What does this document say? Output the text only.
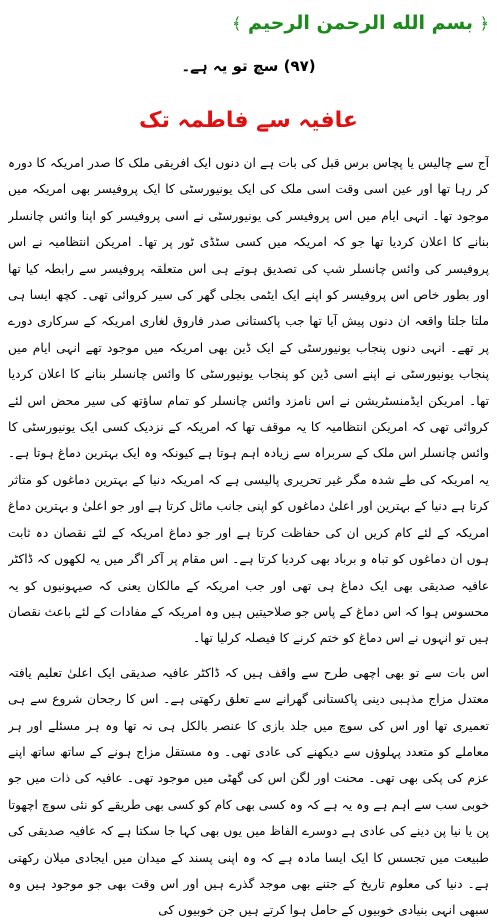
﴿ بسم الله الرحمن الرحيم ﴾
(٩٧) سچ تو یہ ہے۔
عافیہ سے فاطمہ تک

آج سے چالیس یا پچاس برس قبل کی بات ہے ان دنوں ایک افریقی ملک کا صدر امریکہ کا دورہ کر رہا تھا اور عین اسی وقت اسی ملک کی ایک یونیورسٹی کا ایک پروفیسر بھی امریکہ میں موجود تھا۔ انہی ایام میں اس پروفیسر کی یونیورسٹی نے اسی پروفیسر کو اپنا وائس چانسلر بنانے کا اعلان کردیا تھا جو کہ امریکہ میں کسی سٹڈی ٹور پر تھا۔ امریکن انتظامیہ نے اس پروفیسر کی وائس چانسلر شپ کی تصدیق ہوتے ہی اس متعلقہ پروفیسر سے رابطہ کیا تھا اور بطور خاص اس پروفیسر کو اپنے ایک ایٹمی بجلی گھر کی سیر کروائی تھی۔ کچھ ایسا ہی ملتا جلتا واقعہ ان دنوں پیش آیا تھا جب پاکستانی صدر فاروق لغاری امریکہ کے سرکاری دورے پر تھے۔ انہی دنوں پنجاب یونیورسٹی کے ایک ڈین بھی امریکہ میں موجود تھے انہی ایام میں پنجاب یونیورسٹی نے اپنے اسی ڈین کو پنجاب یونیورسٹی کا وائس چانسلر بنانے کا اعلان کردیا تھا۔ امریکن ایڈمنسٹریشن نے اس نامزد وائس چانسلر کو تمام ساؤتھ کی سیر محض اس لئے کروائی تھی کہ امریکن انتظامیہ کا یہ موقف تھا کہ امریکہ کے نزدیک کسی ایک یونیورسٹی کا وائس چانسلر اس ملک کے سربراہ سے زیادہ اہم ہوتا ہے کیونکہ وہ ایک بہترین دماغ ہوتا ہے۔ یہ امریکہ کی طے شدہ مگر غیر تحریری پالیسی ہے کہ امریکہ دنیا کے بہترین دماغوں کو متاثر کرتا ہے دنیا کے بہترین اور اعلیٰ دماغوں کو اپنی جانب مائل کرتا ہے اور جو اعلیٰ و بہترین دماغ امریکہ کے لئے کام کریں ان کی حفاظت کرتا ہے اور جو دماغ امریکہ کے لئے نقصان دہ ثابت ہوں ان دماغوں کو تباہ و برباد بھی کردیا کرتا ہے۔ اس مقام پر آکر اگر میں یہ لکھوں کہ ڈاکٹر عافیہ صدیقی بھی ایک دماغ ہی تھی اور جب امریکہ کے مالکان یعنی کہ صیہونیوں کو یہ محسوس ہوا کہ اس دماغ کے پاس جو صلاحیتیں ہیں وہ امریکہ کے مفادات کے لئے باعث نقصان ہیں تو انہوں نے اس دماغ کو ختم کرنے کا فیصلہ کرلیا تھا۔

اس بات سے تو بھی اچھی طرح سے واقف ہیں کہ ڈاکٹر عافیہ صدیقی ایک اعلیٰ تعلیم یافتہ معتدل مزاج مذہبی دینی پاکستانی گھرانے سے تعلق رکھتی ہے۔ اس کا رجحان شروع سے ہی تعمیری تھا اور اس کی سوچ میں جلد بازی کا عنصر بالکل ہی نہ تھا وہ ہر مسئلے اور ہر معاملے کو متعدد پہلوؤں سے دیکھنے کی عادی تھی۔ وہ مستقل مزاج ہونے کے ساتھ ساتھ اپنے عزم کی پکی بھی تھی۔ محنت اور لگن اس کی گھٹی میں موجود تھی۔ عافیہ کی ذات میں جو خوبی سب سے اہم ہے وہ یہ ہے کہ وہ کسی بھی کام کو کسی بھی طریقے کو نئی سوچ اچھوتا پن یا نیا پن دینے کی عادی ہے دوسرے الفاظ میں یوں بھی کہا جا سکتا ہے کہ عافیہ صدیقی کی طبیعت میں تجسس کا ایک ایسا مادہ ہے کہ وہ اپنی پسند کے میدان میں ایجادی میلان رکھتی ہے۔ دنیا کی معلوم تاریخ کے جتنے بھی موجد گذرے ہیں اور اس وقت بھی جو موجود ہیں وہ سبھی انہی بنیادی خوبیوں کے حامل ہوا کرتے ہیں جن خوبیوں کی
